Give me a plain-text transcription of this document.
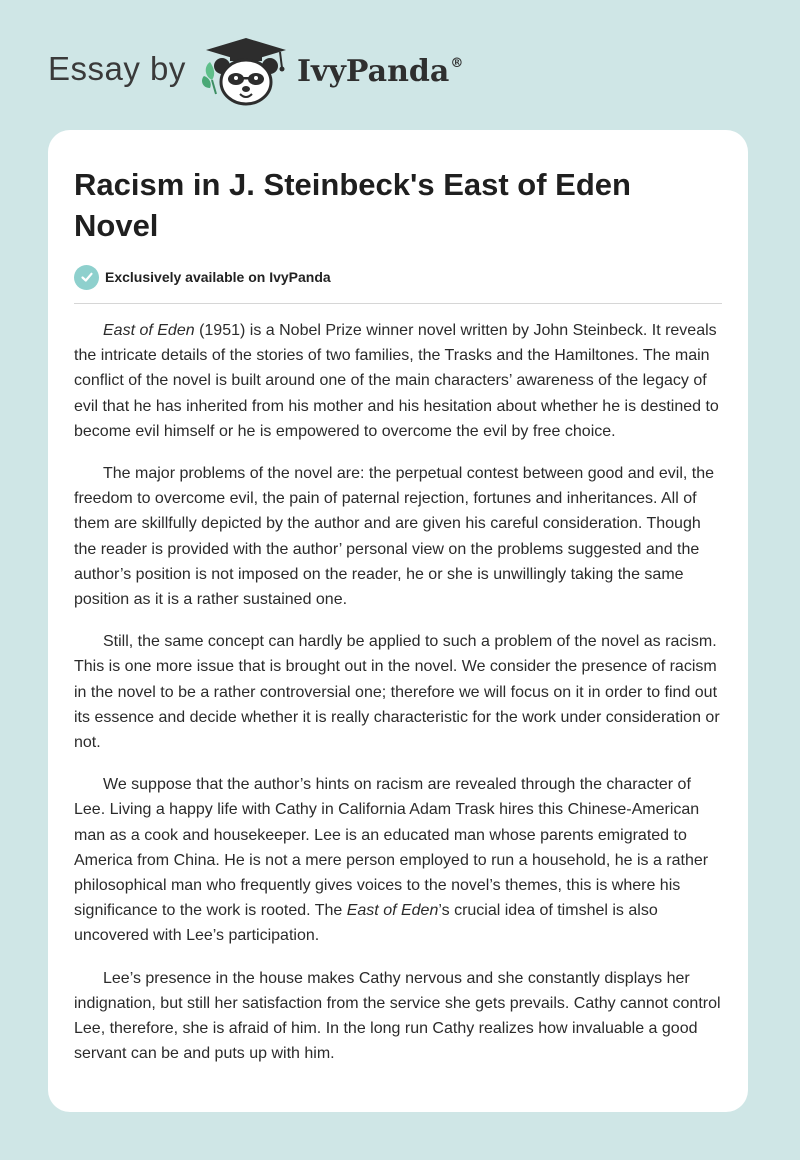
Essay by	IvyPanda®
Racism in J. Steinbeck's East of Eden Novel
Exclusively available on IvyPanda

East of Eden (1951) is a Nobel Prize winner novel written by John Steinbeck. It reveals the intricate details of the stories of two families, the Trasks and the Hamiltones. The main conflict of the novel is built around one of the main characters’ awareness of the legacy of evil that he has inherited from his mother and his hesitation about whether he is destined to become evil himself or he is empowered to overcome the evil by free choice.

The major problems of the novel are: the perpetual contest between good and evil, the freedom to overcome evil, the pain of paternal rejection, fortunes and inheritances. All of them are skillfully depicted by the author and are given his careful consideration. Though the reader is provided with the author’ personal view on the problems suggested and the author’s position is not imposed on the reader, he or she is unwillingly taking the same position as it is a rather sustained one.

Still, the same concept can hardly be applied to such a problem of the novel as racism. This is one more issue that is brought out in the novel. We consider the presence of racism in the novel to be a rather controversial one; therefore we will focus on it in order to find out its essence and decide whether it is really characteristic for the work under consideration or not.

We suppose that the author’s hints on racism are revealed through the character of Lee. Living a happy life with Cathy in California Adam Trask hires this Chinese-American man as a cook and housekeeper. Lee is an educated man whose parents emigrated to America from China. He is not a mere person employed to run a household, he is a rather philosophical man who frequently gives voices to the novel’s themes, this is where his significance to the work is rooted. The East of Eden’s crucial idea of timshel is also uncovered with Lee’s participation.

Lee’s presence in the house makes Cathy nervous and she constantly displays her indignation, but still her satisfaction from the service she gets prevails. Cathy cannot control Lee, therefore, she is afraid of him. In the long run Cathy realizes how invaluable a good servant can be and puts up with him.
